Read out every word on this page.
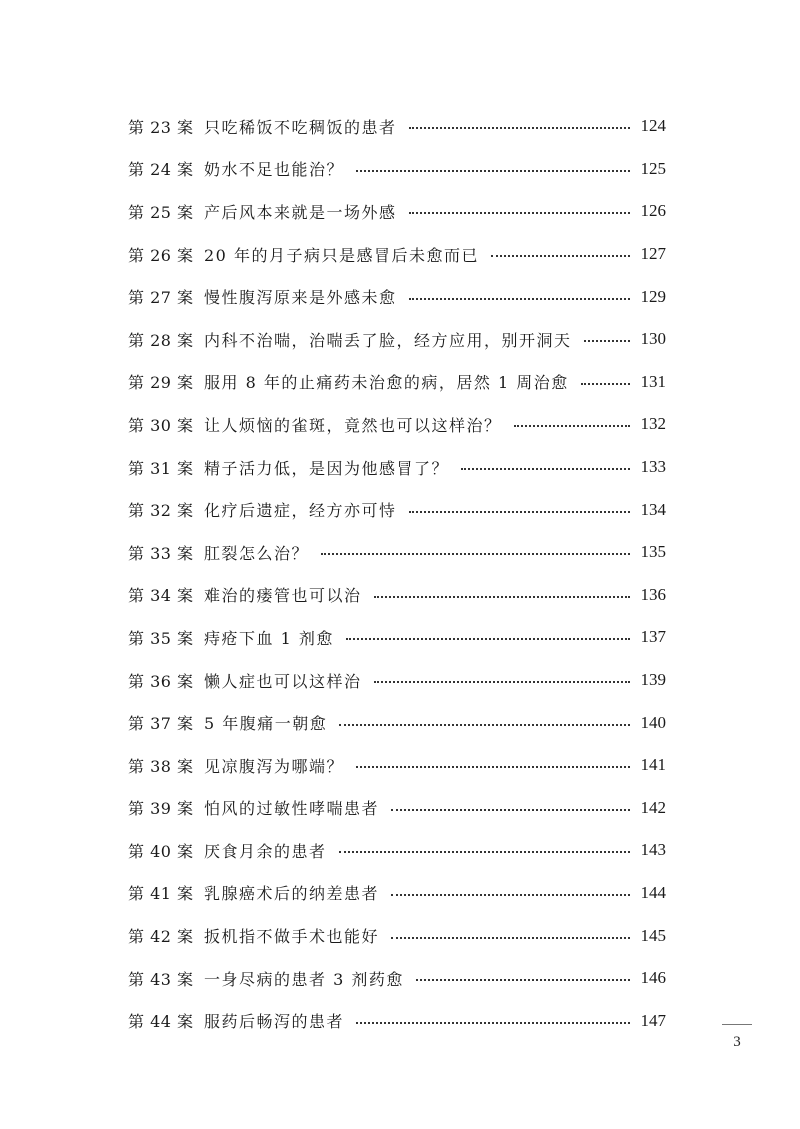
第 23 案 只吃稀饭不吃稠饭的患者	124
第 24 案 奶水不足也能治？	125
第 25 案 产后风本来就是一场外感	126
第 26 案 20 年的月子病只是感冒后未愈而已	127
第 27 案 慢性腹泻原来是外感未愈	129
第 28 案 内科不治喘，治喘丢了脸，经方应用，别开洞天	130
第 29 案 服用 8 年的止痛药未治愈的病，居然 1 周治愈	131
第 30 案 让人烦恼的雀斑，竟然也可以这样治？	132
第 31 案 精子活力低，是因为他感冒了？	133
第 32 案 化疗后遗症，经方亦可恃	134
第 33 案 肛裂怎么治？	135
第 34 案 难治的瘘管也可以治	136
第 35 案 痔疮下血 1 剂愈	137
第 36 案 懒人症也可以这样治	139
第 37 案 5 年腹痛一朝愈	140
第 38 案 见凉腹泻为哪端？	141
第 39 案 怕风的过敏性哮喘患者	142
第 40 案 厌食月余的患者	143
第 41 案 乳腺癌术后的纳差患者	144
第 42 案 扳机指不做手术也能好	145
第 43 案 一身尽病的患者 3 剂药愈	146
第 44 案 服药后畅泻的患者	147
3
